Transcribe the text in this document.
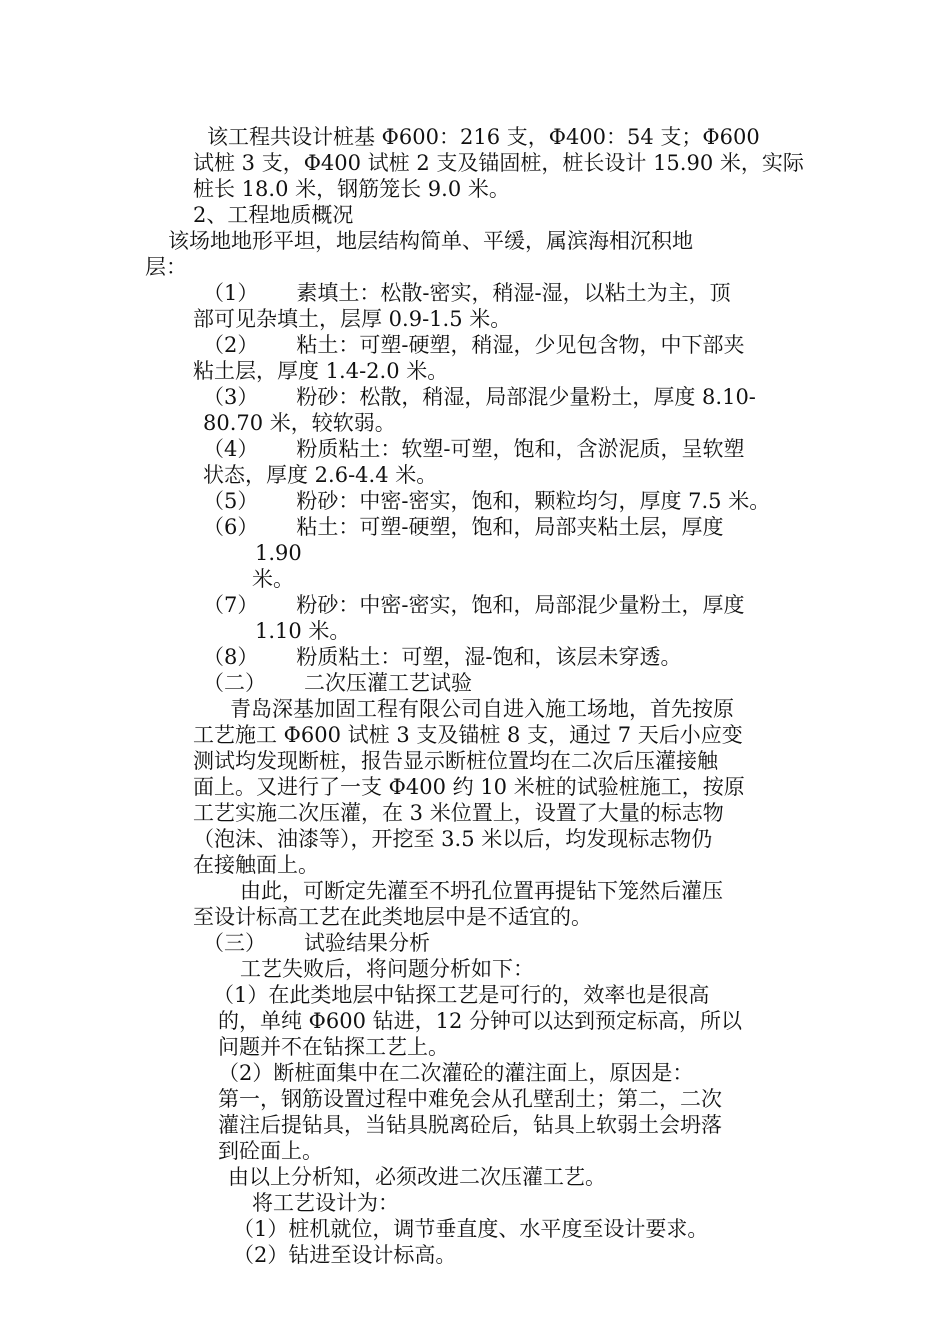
该工程共设计桩基 Φ600：216 支，Φ400：54 支；Φ600

试桩 3 支，Φ400 试桩 2 支及锚固桩，桩长设计 15.90 米，实际

桩长 18.0 米，钢筋笼长 9.0 米。

2、工程地质概况

该场地地形平坦，地层结构简单、平缓，属滨海相沉积地

层：

（1） 素填土：松散-密实，稍湿-湿，以粘土为主，顶

部可见杂填土，层厚 0.9-1.5 米。

（2） 粘土：可塑-硬塑，稍湿，少见包含物，中下部夹

粘土层，厚度 1.4-2.0 米。

（3） 粉砂：松散，稍湿，局部混少量粉土，厚度 8.10-

80.70 米，较软弱。

（4） 粉质粘土：软塑-可塑，饱和，含淤泥质，呈软塑

状态，厚度 2.6-4.4 米。

（5） 粉砂：中密-密实，饱和，颗粒均匀，厚度 7.5 米。

（6） 粘土：可塑-硬塑，饱和，局部夹粘土层，厚度

1.90

米。

（7） 粉砂：中密-密实，饱和，局部混少量粉土，厚度

1.10 米。

（8） 粉质粘土：可塑，湿-饱和，该层未穿透。

（二） 二次压灌工艺试验

青岛深基加固工程有限公司自进入施工场地，首先按原

工艺施工 Φ600 试桩 3 支及锚桩 8 支，通过 7 天后小应变

测试均发现断桩，报告显示断桩位置均在二次后压灌接触

面上。又进行了一支 Φ400 约 10 米桩的试验桩施工，按原

工艺实施二次压灌，在 3 米位置上，设置了大量的标志物

（泡沫、油漆等），开挖至 3.5 米以后，均发现标志物仍

在接触面上。

由此，可断定先灌至不坍孔位置再提钻下笼然后灌压

至设计标高工艺在此类地层中是不适宜的。

（三） 试验结果分析

工艺失败后，将问题分析如下：

（1）在此类地层中钻探工艺是可行的，效率也是很高

的，单纯 Φ600 钻进，12 分钟可以达到预定标高，所以

问题并不在钻探工艺上。

（2）断桩面集中在二次灌砼的灌注面上，原因是：

第一，钢筋设置过程中难免会从孔壁刮土；第二，二次

灌注后提钻具，当钻具脱离砼后，钻具上软弱土会坍落

到砼面上。

由以上分析知，必须改进二次压灌工艺。

将工艺设计为：

（1）桩机就位，调节垂直度、水平度至设计要求。

（2）钻进至设计标高。
